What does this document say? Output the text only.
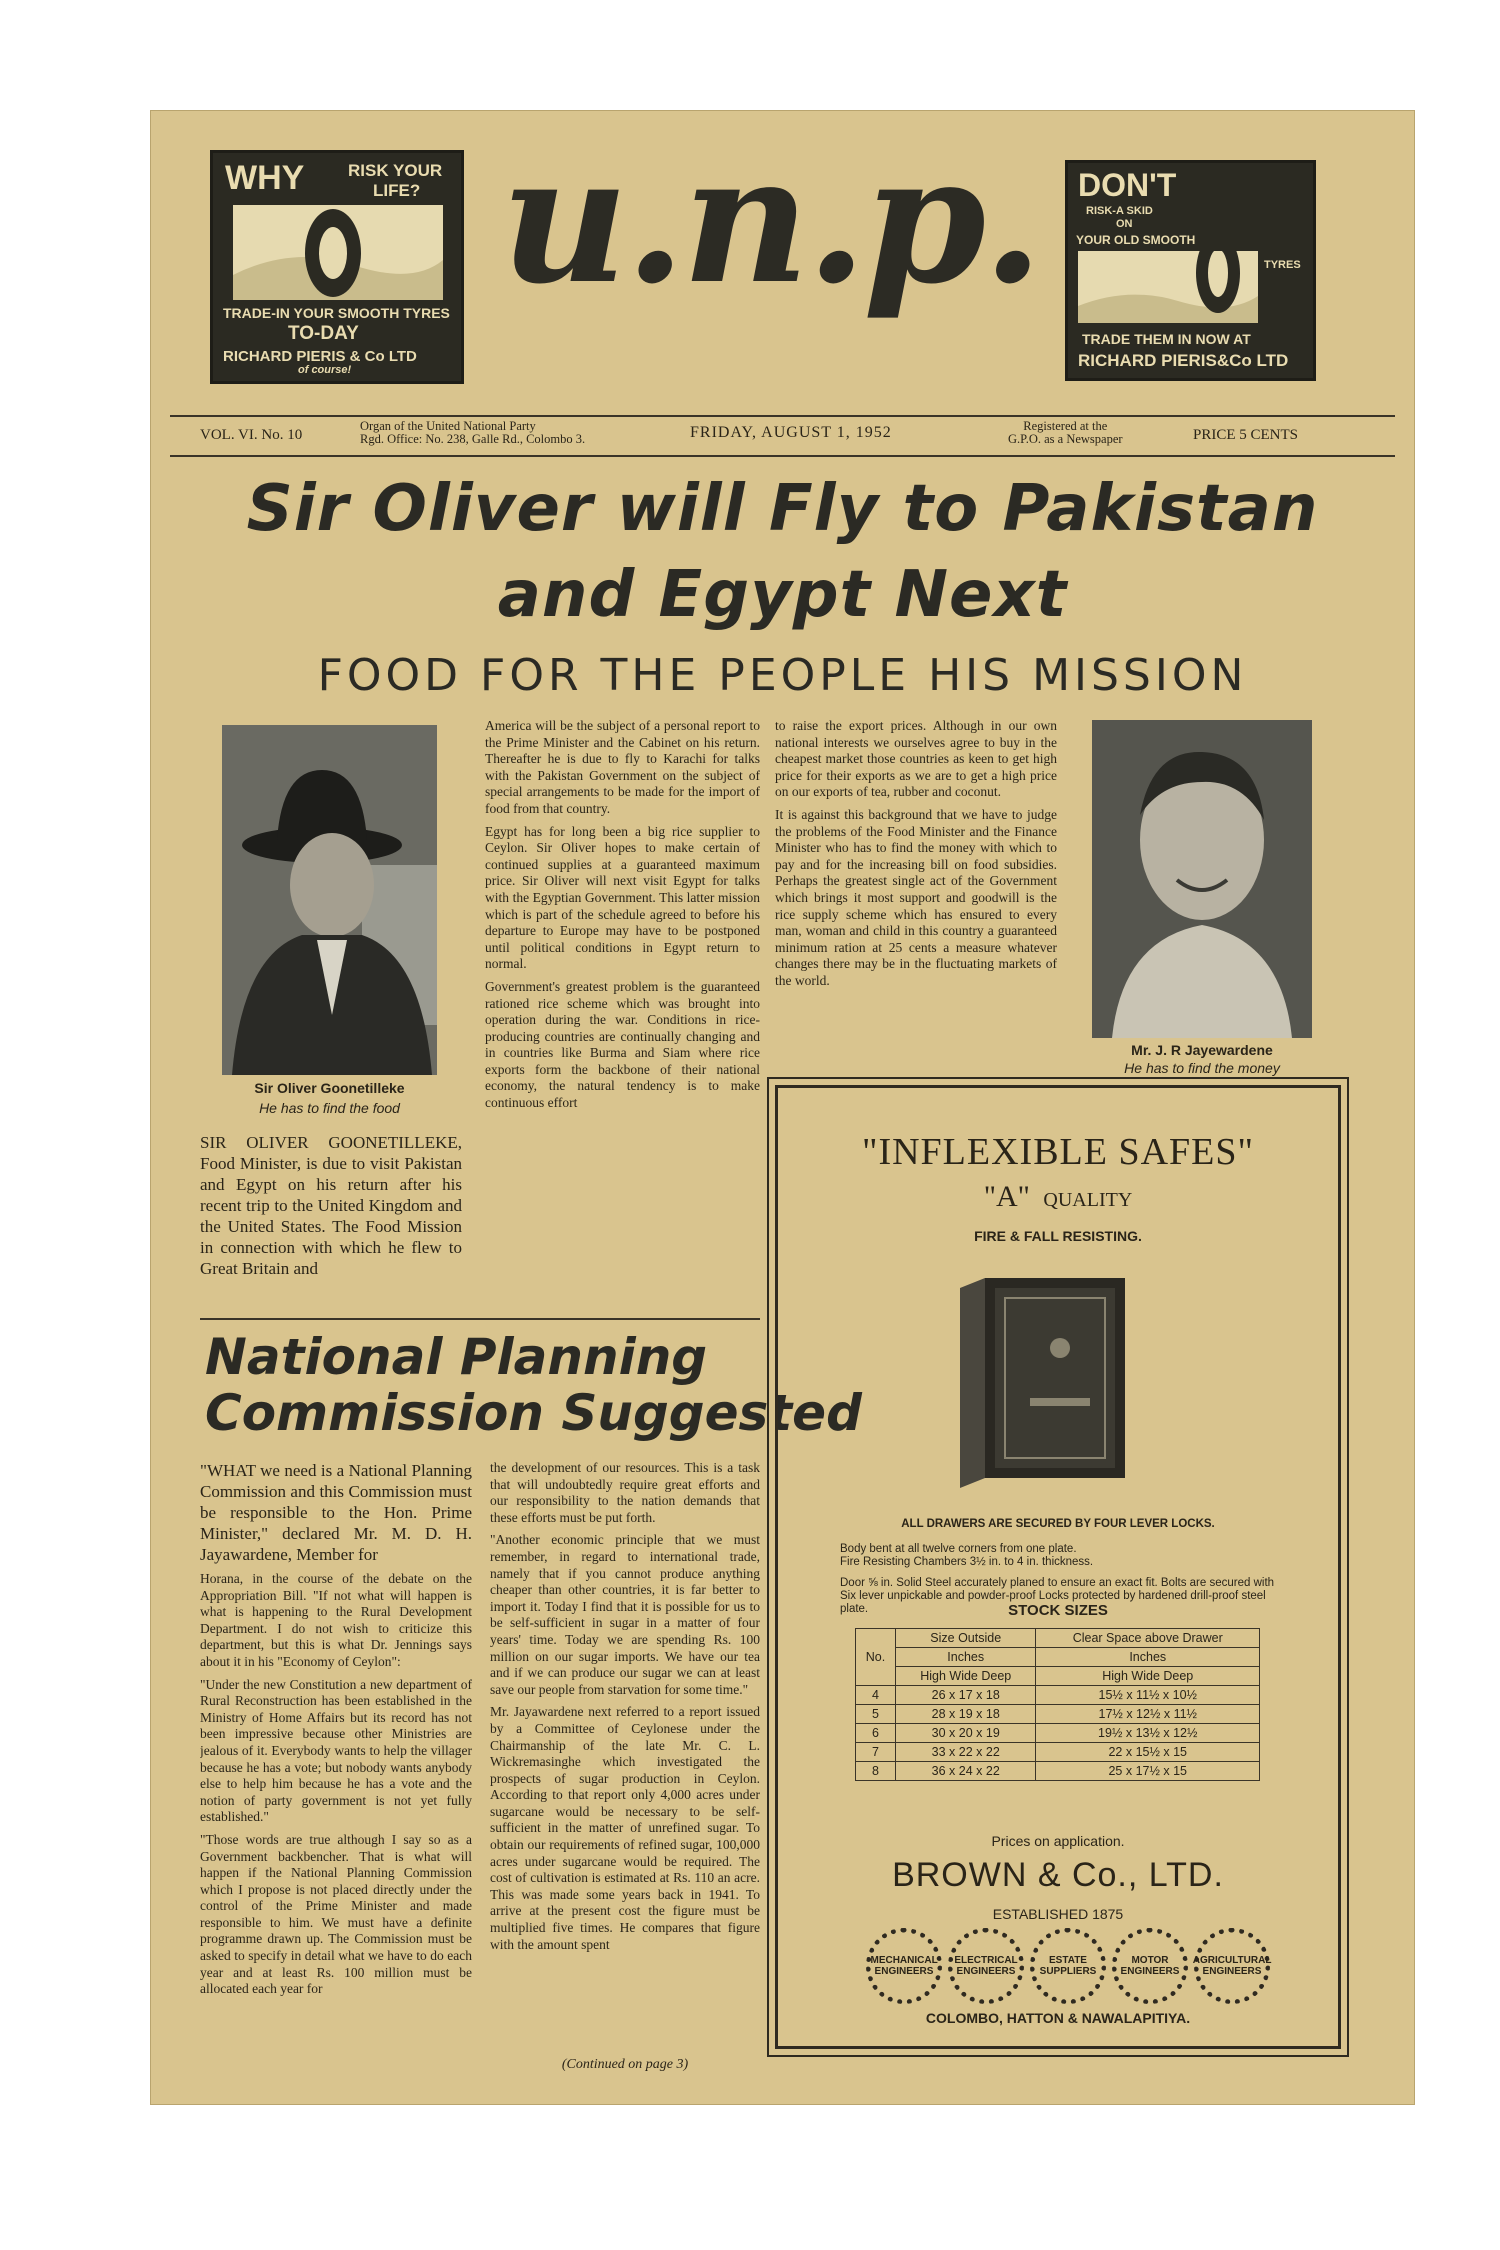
WHY	RISK YOUR
LIFE?
TRADE-IN YOUR SMOOTH TYRES
TO-DAY
RICHARD PIERIS & Co LTD
of course!
u.n.p. DON'T
RISK-A SKID
ON
YOUR OLD SMOOTH
TYRES
TRADE THEM IN NOW AT
RICHARD PIERIS&Co LTD
VOL. VI. No. 10
Organ of the United National Party
Rgd. Office: No. 238, Galle Rd., Colombo 3.	FRIDAY, AUGUST 1, 1952	Registered at the
G.P.O. as a Newspaper	PRICE 5 CENTS
Sir Oliver will Fly to Pakistan
and Egypt Next
FOOD FOR THE PEOPLE HIS MISSION
Sir Oliver Goonetilleke
He has to find the food
Mr. J. R Jayewardene
He has to find the money

SIR OLIVER GOONETILLEKE, Food Minister, is due to visit Pakistan and Egypt on his return after his recent trip to the United Kingdom and the United States. The Food Mission in connection with which he flew to Great Britain and

America will be the subject of a personal report to the Prime Minister and the Cabinet on his return. Thereafter he is due to fly to Karachi for talks with the Pakistan Government on the subject of special arrangements to be made for the import of food from that country.

Egypt has for long been a big rice supplier to Ceylon. Sir Oliver hopes to make certain of continued supplies at a guaranteed maximum price. Sir Oliver will next visit Egypt for talks with the Egyptian Government. This latter mission which is part of the schedule agreed to before his departure to Europe may have to be postponed until political conditions in Egypt return to normal.

Government's greatest problem is the guaranteed rationed rice scheme which was brought into operation during the war. Conditions in rice-producing countries are continually changing and in countries like Burma and Siam where rice exports form the backbone of their national economy, the natural tendency is to make continuous effort

to raise the export prices. Although in our own national interests we ourselves agree to buy in the cheapest market those countries as keen to get high price for their exports as we are to get a high price on our exports of tea, rubber and coconut.

It is against this background that we have to judge the problems of the Food Minister and the Finance Minister who has to find the money with which to pay and for the increasing bill on food subsidies. Perhaps the greatest single act of the Government which brings it most support and goodwill is the rice supply scheme which has ensured to every man, woman and child in this country a guaranteed minimum ration at 25 cents a measure whatever changes there may be in the fluctuating markets of the world.

National Planning
Commission Suggested

"WHAT we need is a National Planning Commission and this Commission must be responsible to the Hon. Prime Minister," declared Mr. M. D. H. Jayawardene, Member for

Horana, in the course of the debate on the Appropriation Bill. "If not what will happen is what is happening to the Rural Development Department. I do not wish to criticize this department, but this is what Dr. Jennings says about it in his "Economy of Ceylon":

"Under the new Constitution a new department of Rural Reconstruction has been established in the Ministry of Home Affairs but its record has not been impressive because other Ministries are jealous of it. Everybody wants to help the villager because he has a vote; but nobody wants anybody else to help him because he has a vote and the notion of party government is not yet fully established."

"Those words are true although I say so as a Government backbencher. That is what will happen if the National Planning Commission which I propose is not placed directly under the control of the Prime Minister and made responsible to him. We must have a definite programme drawn up. The Commission must be asked to specify in detail what we have to do each year and at least Rs. 100 million must be allocated each year for

the development of our resources. This is a task that will undoubtedly require great efforts and our responsibility to the nation demands that these efforts must be put forth.

"Another economic principle that we must remember, in regard to international trade, namely that if you cannot produce anything cheaper than other countries, it is far better to import it. Today I find that it is possible for us to be self-sufficient in sugar in a matter of four years' time. Today we are spending Rs. 100 million on our sugar imports. We have our tea and if we can produce our sugar we can at least save our people from starvation for some time."

Mr. Jayawardene next referred to a report issued by a Committee of Ceylonese under the Chairmanship of the late Mr. C. L. Wickremasinghe which investigated the prospects of sugar production in Ceylon. According to that report only 4,000 acres under sugarcane would be necessary to be self-sufficient in the matter of unrefined sugar. To obtain our requirements of refined sugar, 100,000 acres under sugarcane would be required. The cost of cultivation is estimated at Rs. 110 an acre. This was made some years back in 1941. To arrive at the present cost the figure must be multiplied five times. He compares that figure with the amount spent

(Continued on page 3)
"INFLEXIBLE SAFES"
"A" QUALITY
FIRE & FALL RESISTING.
ALL DRAWERS ARE SECURED BY FOUR LEVER LOCKS.
Body bent at all twelve corners from one plate.
Fire Resisting Chambers 3½ in. to 4 in. thickness.
Door ⅝ in. Solid Steel accurately planed to ensure an exact fit. Bolts are secured with Six lever unpickable and powder-proof Locks protected by hardened drill-proof steel plate.	STOCK SIZES
No.	Size Outside	Clear Space above Drawer
	Inches	Inches
	High Wide Deep	High Wide Deep
4	26 x 17 x 18	15½ x 11½ x 10½
5	28 x 19 x 18	17½ x 12½ x 11½
6	30 x 20 x 19	19½ x 13½ x 12½
7	33 x 22 x 22	22 x 15½ x 15
8	36 x 24 x 22	25 x 17½ x 15
Prices on application.
BROWN & Co., LTD.
ESTABLISHED 1875
MECHANICAL ENGINEERS
ELECTRICAL ENGINEERS
ESTATE SUPPLIERS
MOTOR ENGINEERS
AGRICULTURAL ENGINEERS
COLOMBO, HATTON & NAWALAPITIYA.
